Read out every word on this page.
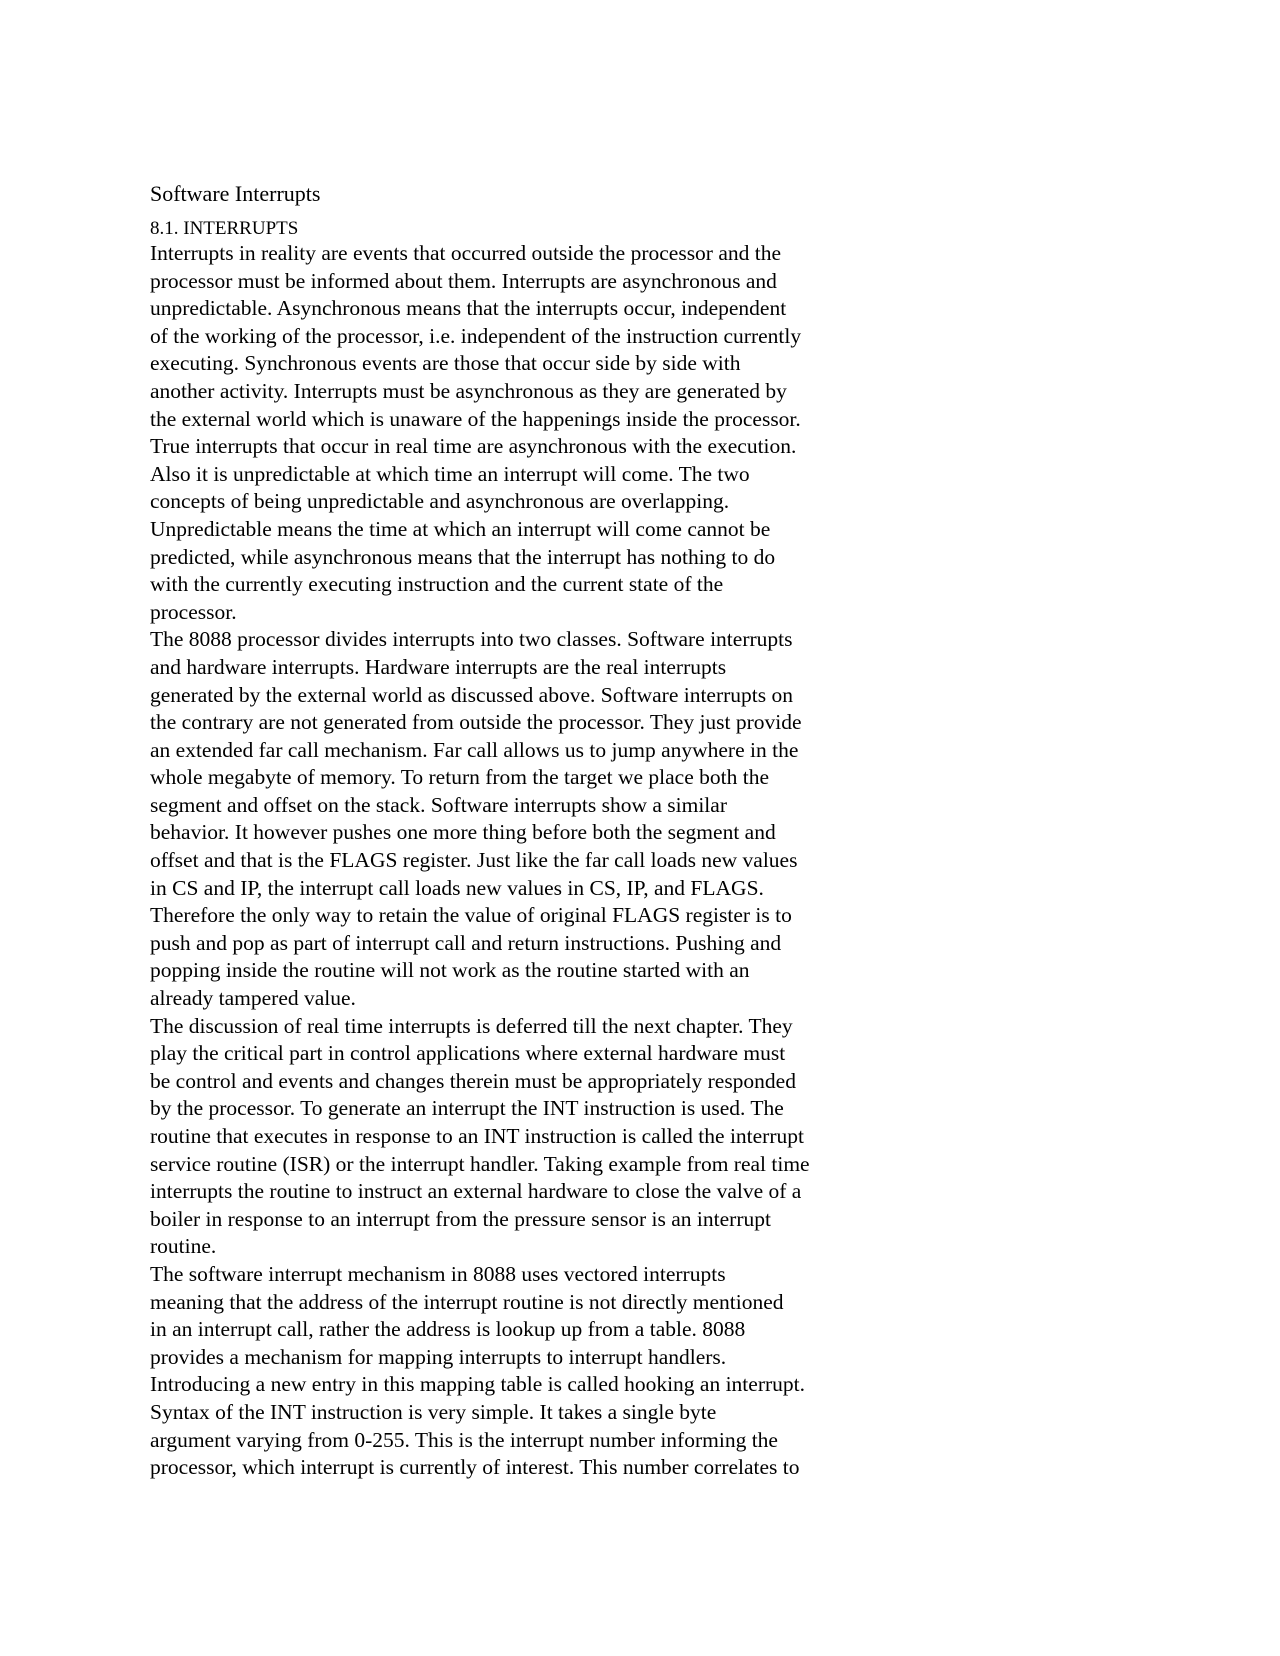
Software Interrupts
8.1. INTERRUPTS
Interrupts in reality are events that occurred outside the processor and the
processor must be informed about them. Interrupts are asynchronous and
unpredictable. Asynchronous means that the interrupts occur, independent
of the working of the processor, i.e. independent of the instruction currently
executing. Synchronous events are those that occur side by side with
another activity. Interrupts must be asynchronous as they are generated by
the external world which is unaware of the happenings inside the processor.
True interrupts that occur in real time are asynchronous with the execution.
Also it is unpredictable at which time an interrupt will come. The two
concepts of being unpredictable and asynchronous are overlapping.
Unpredictable means the time at which an interrupt will come cannot be
predicted, while asynchronous means that the interrupt has nothing to do
with the currently executing instruction and the current state of the
processor.
The 8088 processor divides interrupts into two classes. Software interrupts
and hardware interrupts. Hardware interrupts are the real interrupts
generated by the external world as discussed above. Software interrupts on
the contrary are not generated from outside the processor. They just provide
an extended far call mechanism. Far call allows us to jump anywhere in the
whole megabyte of memory. To return from the target we place both the
segment and offset on the stack. Software interrupts show a similar
behavior. It however pushes one more thing before both the segment and
offset and that is the FLAGS register. Just like the far call loads new values
in CS and IP, the interrupt call loads new values in CS, IP, and FLAGS.
Therefore the only way to retain the value of original FLAGS register is to
push and pop as part of interrupt call and return instructions. Pushing and
popping inside the routine will not work as the routine started with an
already tampered value.
The discussion of real time interrupts is deferred till the next chapter. They
play the critical part in control applications where external hardware must
be control and events and changes therein must be appropriately responded
by the processor. To generate an interrupt the INT instruction is used. The
routine that executes in response to an INT instruction is called the interrupt
service routine (ISR) or the interrupt handler. Taking example from real time
interrupts the routine to instruct an external hardware to close the valve of a
boiler in response to an interrupt from the pressure sensor is an interrupt
routine.
The software interrupt mechanism in 8088 uses vectored interrupts
meaning that the address of the interrupt routine is not directly mentioned
in an interrupt call, rather the address is lookup up from a table. 8088
provides a mechanism for mapping interrupts to interrupt handlers.
Introducing a new entry in this mapping table is called hooking an interrupt.
Syntax of the INT instruction is very simple. It takes a single byte
argument varying from 0-255. This is the interrupt number informing the
processor, which interrupt is currently of interest. This number correlates to
